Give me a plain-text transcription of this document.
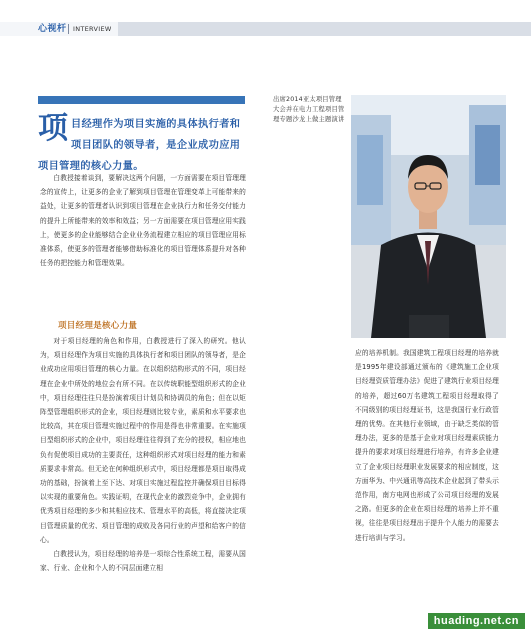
心视杆 INTERVIEW
项目经理作为项目实施的具体执行者和项目团队的领导者，是企业成功应用项目管理的核心力量。
出席2014亚太项目管理大会并在电力工程项目管理专题沙龙上做主题演讲

白教授接着谈到，要解决这两个问题，一方面需要在项目管理理念的宣传上，让更多的企业了解到项目管理在管理变革上可能带来的益处，让更多的管理者认识到项目管理在企业执行力和任务交付能力的提升上所能带来的效率和效益；另一方面需要在项目管理应用实践上，使更多的企业能够结合企业业务流程建立相应的项目管理应用标准体系，使更多的管理者能够借助标准化的项目管理体系提升对各种任务的把控能力和管理效果。

项目经理是核心力量

对于项目经理的角色和作用，白教授进行了深入的研究。他认为，项目经理作为项目实施的具体执行者和项目团队的领导者，是企业成功应用项目管理的核心力量。在以组织结构形式的不同，项目经理在企业中所处的地位会有所不同。在以传统职能型组织形式的企业中，项目经理往往只是扮演着项目计划员和协调员的角色；但在以矩阵型管理组织形式的企业，项目经理则比较专业，素质和水平要求也比较高，其在项目管理实施过程中的作用是得也非常重要。在实施项目型组织形式的企业中，项目经理往往得到了充分的授权，相应地也负有促使项目成功的主要责任，这种组织形式对项目经理的能力和素质要求非常高。但无论在何种组织形式中，项目经理都是项目取得成功的基础，扮演着上至下达、对项目实施过程监控并确保项目目标得以实现的重要角色。实践证明，在现代企业的激烈竞争中，企业拥有优秀项目经理的多少和其相应技术、管理水平的高低，将直接决定项目管理质量的优劣、项目管理的成败及各同行业的声望和给客户的信心。

白教授认为，项目经理的培养是一项综合性系统工程，需要从国家、行业、企业和个人的不同层面建立相

应的培养机制。我国建筑工程项目经理的培养就是1995年建设部通过颁布的《建筑施工企业项目经理资质管理办法》促进了建筑行业项目经理的培养，超过60万名建筑工程项目经理取得了不同级别的项目经理证书，这是我国行业行政管理的优势。在其他行业领域，由于缺乏类似的管理办法，更多的是基于企业对项目经理素质能力提升的要求对项目经理进行培养，有许多企业建立了企业项目经理职业发展要求的相应制度，这方面华为、中兴通讯等高技术企业起到了带头示范作用，南方电网也形成了公司项目经理的发展之路。但更多的企业在项目经理的培养上并不重视，往往是项目经理出于提升个人能力的需要去进行培训与学习。

huading.net.cn
